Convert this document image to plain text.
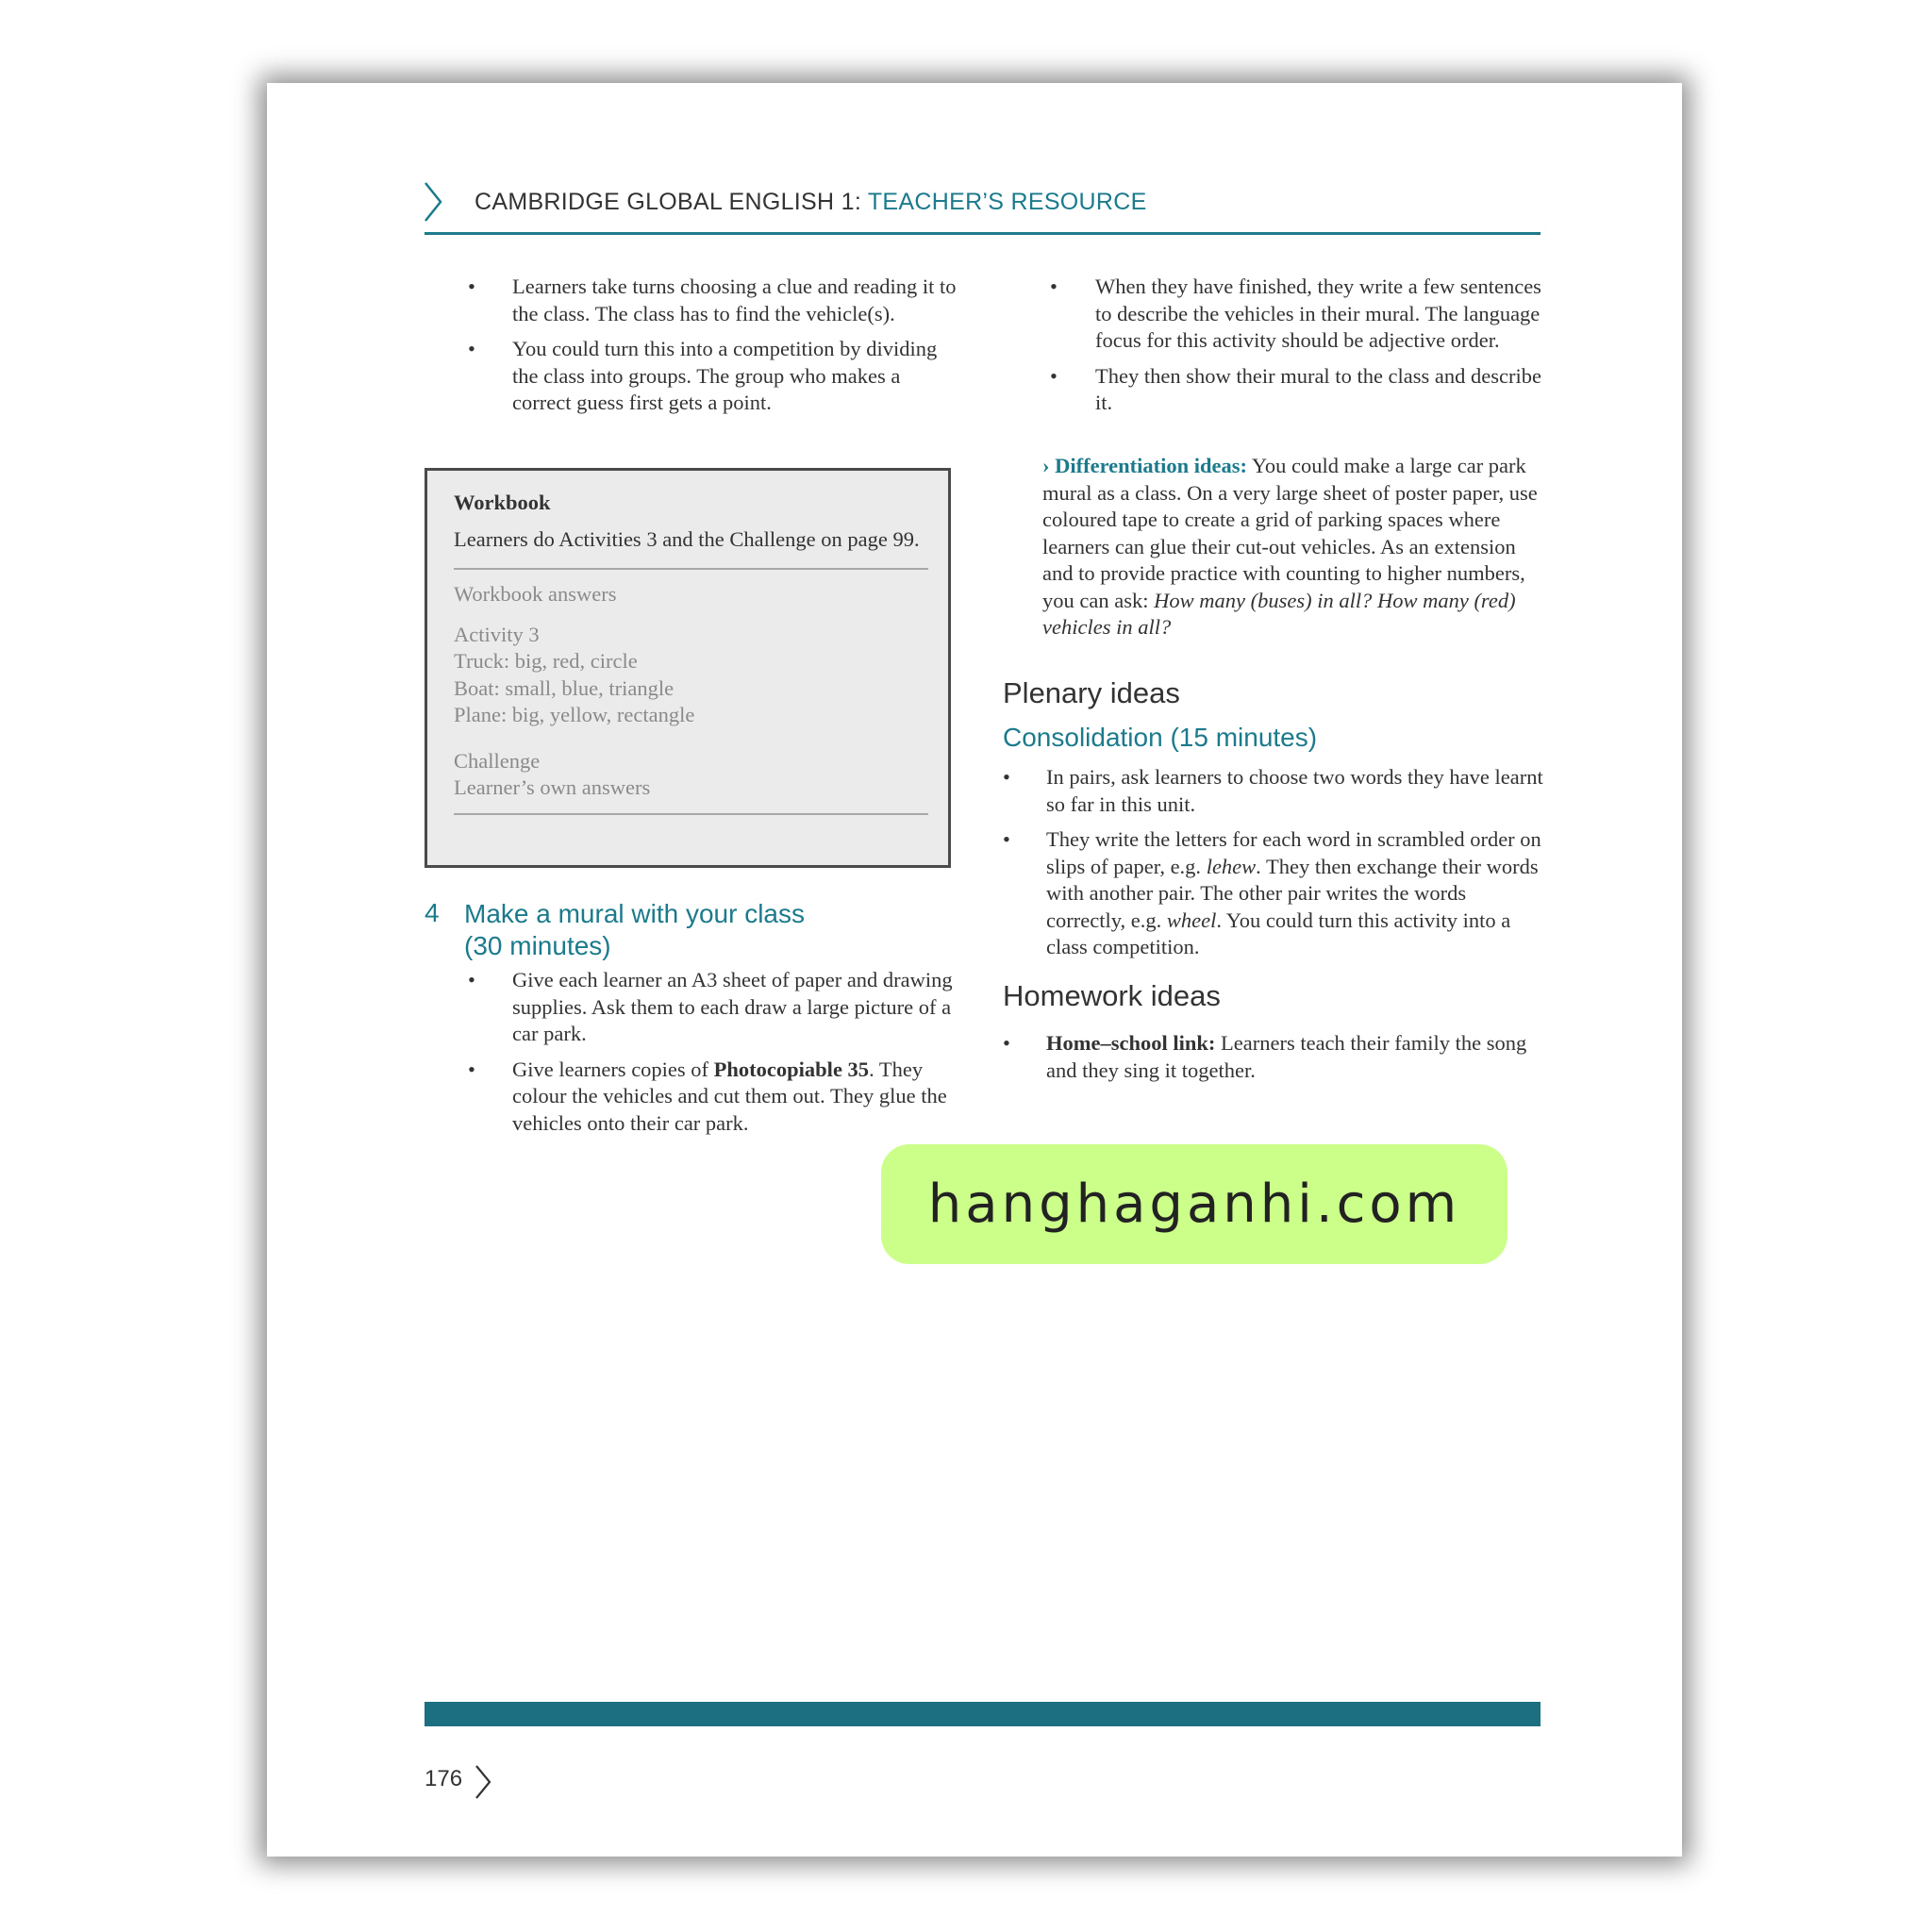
CAMBRIDGE GLOBAL ENGLISH 1: TEACHER’S RESOURCE
• Learners take turns choosing a clue and reading it to the class. The class has to find the vehicle(s).
• You could turn this into a competition by dividing the class into groups. The group who makes a correct guess first gets a point.
Workbook
Learners do Activities 3 and the Challenge on page 99.
Workbook answers
Activity 3
Truck: big, red, circle
Boat: small, blue, triangle
Plane: big, yellow, rectangle
Challenge
Learner’s own answers
4 Make a mural with your class
(30 minutes)
• Give each learner an A3 sheet of paper and drawing supplies. Ask them to each draw a large picture of a car park.
• Give learners copies of Photocopiable 35. They colour the vehicles and cut them out. They glue the vehicles onto their car park.
• When they have finished, they write a few sentences to describe the vehicles in their mural. The language focus for this activity should be adjective order.
• They then show their mural to the class and describe it.
› Differentiation ideas: You could make a large car park mural as a class. On a very large sheet of poster paper, use coloured tape to create a grid of parking spaces where learners can glue their cut-out vehicles. As an extension and to provide practice with counting to higher numbers, you can ask: How many (buses) in all? How many (red) vehicles in all?
Plenary ideas
Consolidation (15 minutes)
• In pairs, ask learners to choose two words they have learnt so far in this unit.
• They write the letters for each word in scrambled order on slips of paper, e.g. lehew. They then exchange their words with another pair. The other pair writes the words correctly, e.g. wheel. You could turn this activity into a class competition.
Homework ideas
• Home–school link: Learners teach their family the song and they sing it together.
hanghaganhi.com
176
